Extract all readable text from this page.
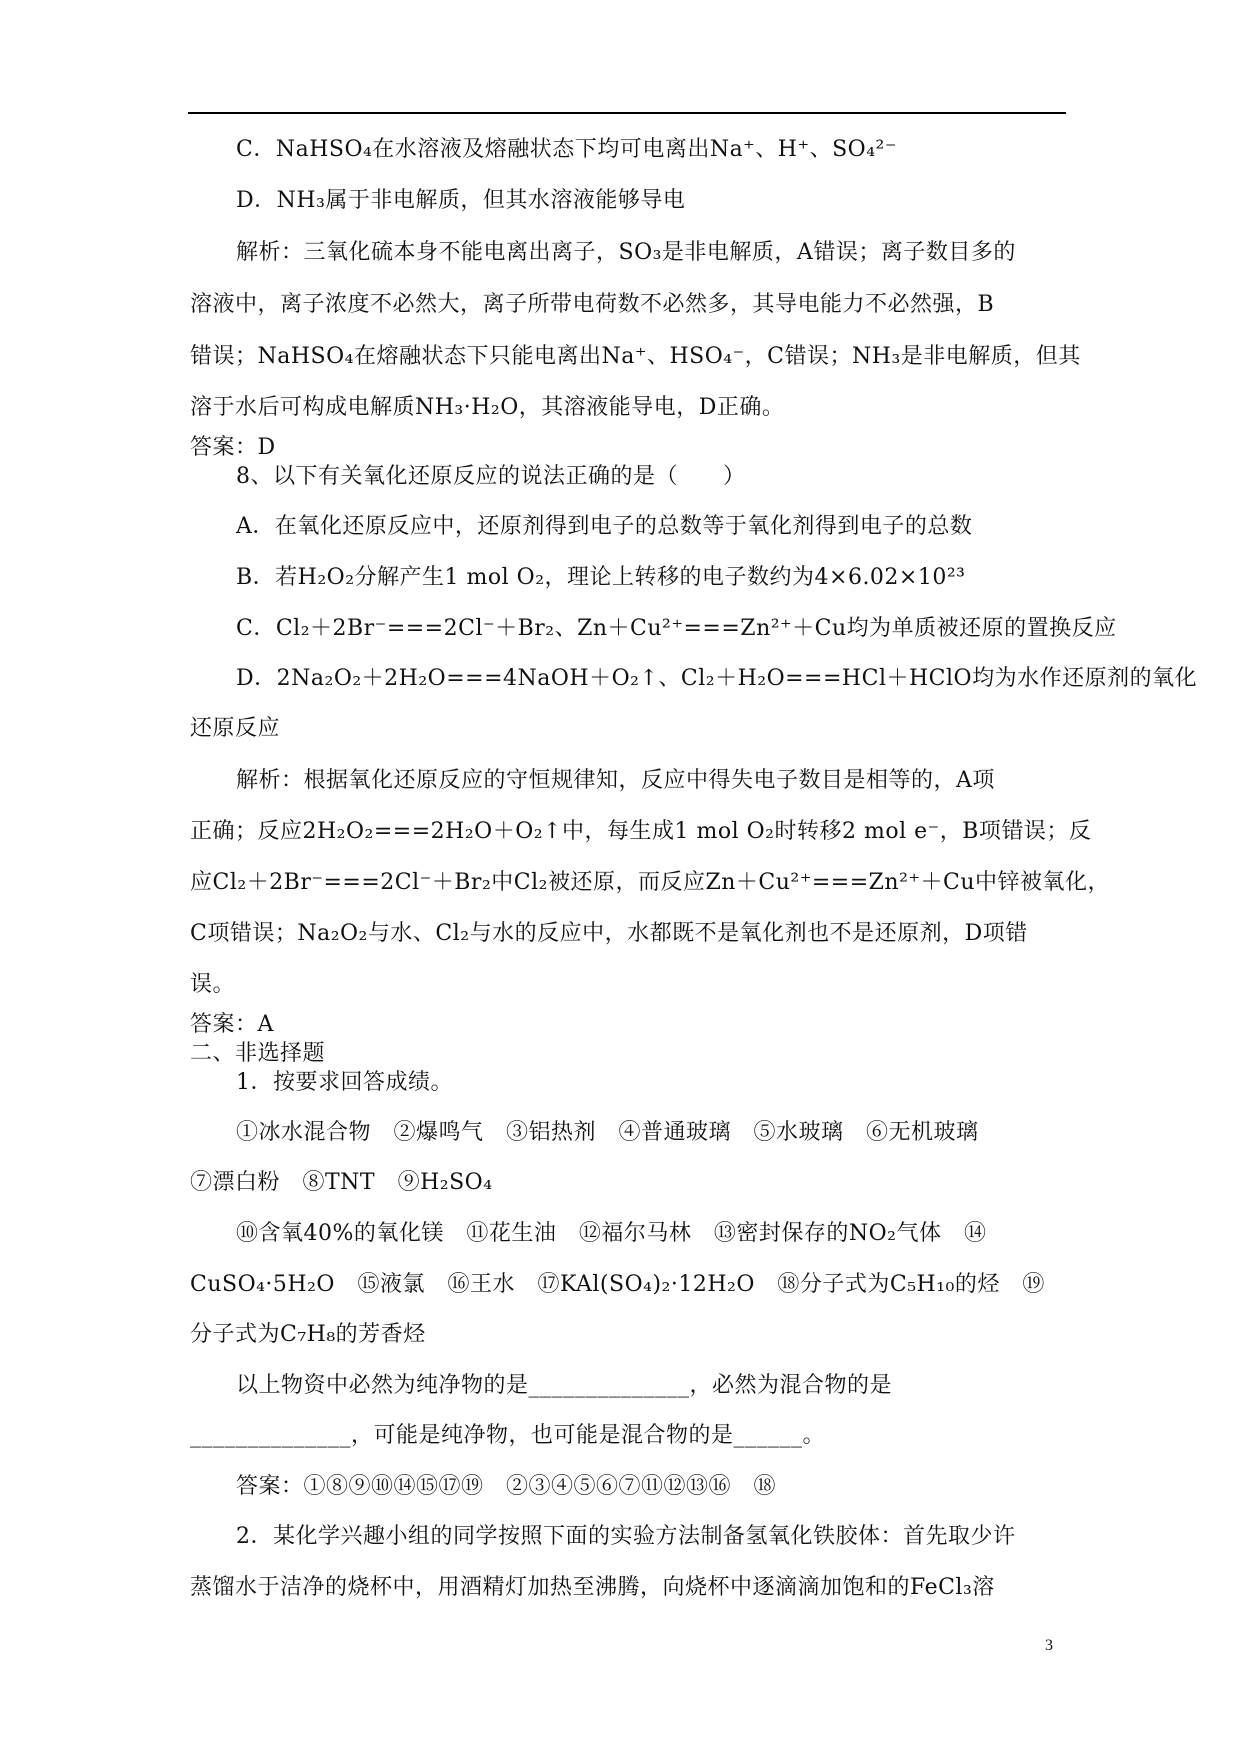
C．NaHSO₄在水溶液及熔融状态下均可电离出Na⁺、H⁺、SO₄²⁻
D．NH₃属于非电解质，但其水溶液能够导电
解析：三氧化硫本身不能电离出离子，SO₃是非电解质，A错误；离子数目多的
溶液中，离子浓度不必然大，离子所带电荷数不必然多，其导电能力不必然强，B
错误；NaHSO₄在熔融状态下只能电离出Na⁺、HSO₄⁻，C错误；NH₃是非电解质，但其
溶于水后可构成电解质NH₃·H₂O，其溶液能导电，D正确。
答案：D
8、以下有关氧化还原反应的说法正确的是（　　）
A．在氧化还原反应中，还原剂得到电子的总数等于氧化剂得到电子的总数
B．若H₂O₂分解产生1 mol O₂，理论上转移的电子数约为4×6.02×10²³
C．Cl₂＋2Br⁻===2Cl⁻＋Br₂、Zn＋Cu²⁺===Zn²⁺＋Cu均为单质被还原的置换反应
D．2Na₂O₂＋2H₂O===4NaOH＋O₂↑、Cl₂＋H₂O===HCl＋HClO均为水作还原剂的氧化
还原反应
解析：根据氧化还原反应的守恒规律知，反应中得失电子数目是相等的，A项
正确；反应2H₂O₂===2H₂O＋O₂↑中，每生成1 mol O₂时转移2 mol e⁻，B项错误；反
应Cl₂＋2Br⁻===2Cl⁻＋Br₂中Cl₂被还原，而反应Zn＋Cu²⁺===Zn²⁺＋Cu中锌被氧化，
C项错误；Na₂O₂与水、Cl₂与水的反应中，水都既不是氧化剂也不是还原剂，D项错
误。
答案：A
二、非选择题
1．按要求回答成绩。
①冰水混合物　②爆鸣气　③铝热剂　④普通玻璃　⑤水玻璃　⑥无机玻璃
⑦漂白粉　⑧TNT　⑨H₂SO₄
⑩含氧40%的氧化镁　⑪花生油　⑫福尔马林　⑬密封保存的NO₂气体　⑭
CuSO₄·5H₂O　⑮液氯　⑯王水　⑰KAl(SO₄)₂·12H₂O　⑱分子式为C₅H₁₀的烃　⑲
分子式为C₇H₈的芳香烃
以上物资中必然为纯净物的是______________，必然为混合物的是
______________，可能是纯净物，也可能是混合物的是______。
答案：①⑧⑨⑩⑭⑮⑰⑲　②③④⑤⑥⑦⑪⑫⑬⑯　⑱
2．某化学兴趣小组的同学按照下面的实验方法制备氢氧化铁胶体：首先取少许
蒸馏水于洁净的烧杯中，用酒精灯加热至沸腾，向烧杯中逐滴滴加饱和的FeCl₃溶
3
